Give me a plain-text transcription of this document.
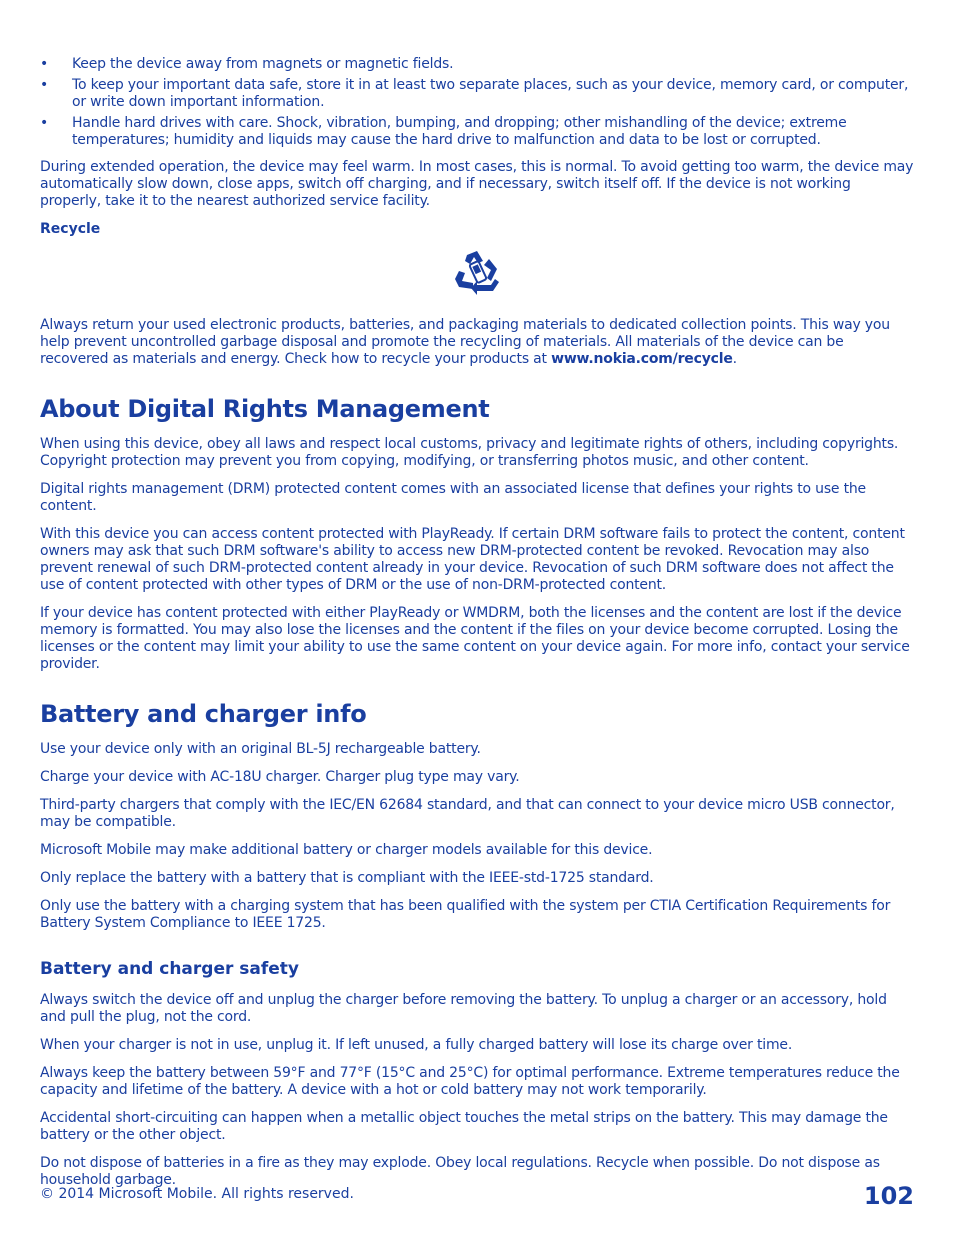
• Keep the device away from magnets or magnetic fields.
• To keep your important data safe, store it in at least two separate places, such as your device, memory card, or computer, or write down important information.
• Handle hard drives with care. Shock, vibration, bumping, and dropping; other mishandling of the device; extreme temperatures; humidity and liquids may cause the hard drive to malfunction and data to be lost or corrupted.

During extended operation, the device may feel warm. In most cases, this is normal. To avoid getting too warm, the device may automatically slow down, close apps, switch off charging, and if necessary, switch itself off. If the device is not working properly, take it to the nearest authorized service facility.

Recycle

Always return your used electronic products, batteries, and packaging materials to dedicated collection points. This way you help prevent uncontrolled garbage disposal and promote the recycling of materials. All materials of the device can be recovered as materials and energy. Check how to recycle your products at www.nokia.com/recycle.

About Digital Rights Management

When using this device, obey all laws and respect local customs, privacy and legitimate rights of others, including copyrights. Copyright protection may prevent you from copying, modifying, or transferring photos music, and other content.

Digital rights management (DRM) protected content comes with an associated license that defines your rights to use the content.

With this device you can access content protected with PlayReady. If certain DRM software fails to protect the content, content owners may ask that such DRM software's ability to access new DRM-protected content be revoked. Revocation may also prevent renewal of such DRM-protected content already in your device. Revocation of such DRM software does not affect the use of content protected with other types of DRM or the use of non-DRM-protected content.

If your device has content protected with either PlayReady or WMDRM, both the licenses and the content are lost if the device memory is formatted. You may also lose the licenses and the content if the files on your device become corrupted. Losing the licenses or the content may limit your ability to use the same content on your device again. For more info, contact your service provider.

Battery and charger info

Use your device only with an original BL-5J rechargeable battery.

Charge your device with AC-18U charger. Charger plug type may vary.

Third-party chargers that comply with the IEC/EN 62684 standard, and that can connect to your device micro USB connector, may be compatible.

Microsoft Mobile may make additional battery or charger models available for this device.

Only replace the battery with a battery that is compliant with the IEEE-std-1725 standard.

Only use the battery with a charging system that has been qualified with the system per CTIA Certification Requirements for Battery System Compliance to IEEE 1725.

Battery and charger safety

Always switch the device off and unplug the charger before removing the battery. To unplug a charger or an accessory, hold and pull the plug, not the cord.

When your charger is not in use, unplug it. If left unused, a fully charged battery will lose its charge over time.

Always keep the battery between 59°F and 77°F (15°C and 25°C) for optimal performance. Extreme temperatures reduce the capacity and lifetime of the battery. A device with a hot or cold battery may not work temporarily.

Accidental short-circuiting can happen when a metallic object touches the metal strips on the battery. This may damage the battery or the other object.

Do not dispose of batteries in a fire as they may explode. Obey local regulations. Recycle when possible. Do not dispose as household garbage.

© 2014 Microsoft Mobile. All rights reserved.	102
